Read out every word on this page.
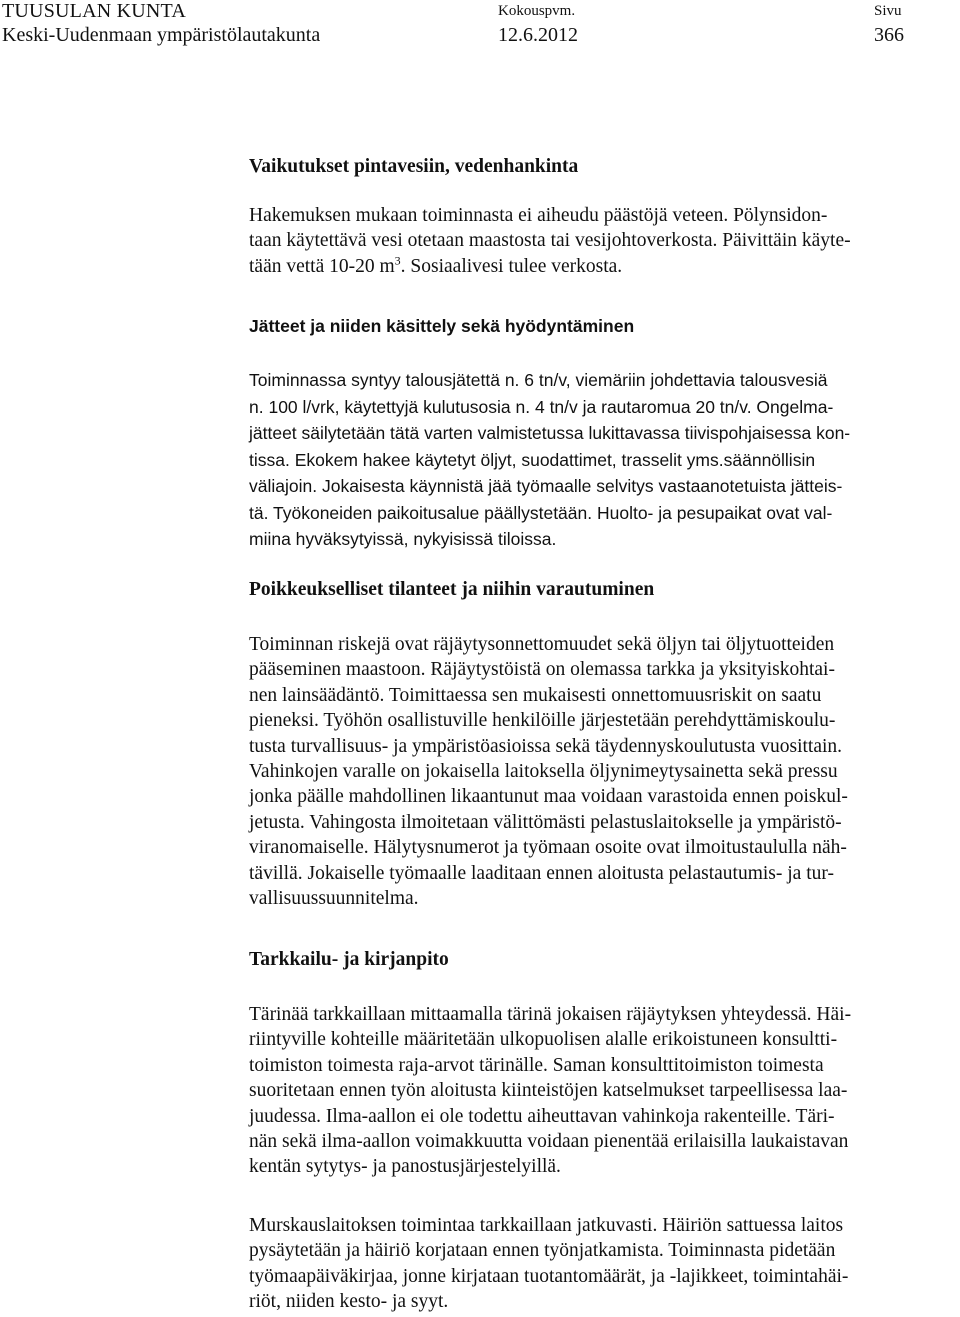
TUUSULAN KUNTA
Keski-Uudenmaan ympäristölautakunta
Kokouspvm.
12.6.2012
Sivu
366
Vaikutukset pintavesiin, vedenhankinta
Hakemuksen mukaan toiminnasta ei aiheudu päästöjä veteen. Pölynsidon-
taan käytettävä vesi otetaan maastosta tai vesijohtoverkosta. Päivittäin käyte-
tään vettä 10-20 $m^3$. Sosiaalivesi tulee verkosta.
Jätteet ja niiden käsittely sekä hyödyntäminen
Toiminnassa syntyy talousjätettä n. 6 tn/v, viemäriin johdettavia talousvesiä
n. 100 l/vrk, käytettyjä kulutusosia n. 4 tn/v ja rautaromua 20 tn/v. Ongelma-
jätteet säilytetään tätä varten valmistetussa lukittavassa tiivispohjaisessa kon-
tissa. Ekokem hakee käytetyt öljyt, suodattimet, trasselit yms.säännöllisin
väliajoin. Jokaisesta käynnistä jää työmaalle selvitys vastaanotetuista jätteis-
tä. Työkoneiden paikoitusalue päällystetään. Huolto- ja pesupaikat ovat val-
miina hyväksytyissä, nykyisissä tiloissa.
Poikkeukselliset tilanteet ja niihin varautuminen
Toiminnan riskejä ovat räjäytysonnettomuudet sekä öljyn tai öljytuotteiden
pääseminen maastoon. Räjäytystöistä on olemassa tarkka ja yksityiskohtai-
nen lainsäädäntö. Toimittaessa sen mukaisesti onnettomuusriskit on saatu
pieneksi. Työhön osallistuville henkilöille järjestetään perehdyttämiskoulu-
tusta turvallisuus- ja ympäristöasioissa sekä täydennyskoulutusta vuosittain.
Vahinkojen varalle on jokaisella laitoksella öljynimeytysainetta sekä pressu
jonka päälle mahdollinen likaantunut maa voidaan varastoida ennen poiskul-
jetusta. Vahingosta ilmoitetaan välittömästi pelastuslaitokselle ja ympäristö-
viranomaiselle. Hälytysnumerot ja työmaan osoite ovat ilmoitustaululla näh-
tävillä. Jokaiselle työmaalle laaditaan ennen aloitusta pelastautumis- ja tur-
vallisuussuunnitelma.
Tarkkailu- ja kirjanpito
Tärinää tarkkaillaan mittaamalla tärinä jokaisen räjäytyksen yhteydessä. Häi-
riintyville kohteille määritetään ulkopuolisen alalle erikoistuneen konsultti-
toimiston toimesta raja-arvot tärinälle. Saman konsulttitoimiston toimesta
suoritetaan ennen työn aloitusta kiinteistöjen katselmukset tarpeellisessa laa-
juudessa. Ilma-aallon ei ole todettu aiheuttavan vahinkoja rakenteille. Täri-
nän sekä ilma-aallon voimakkuutta voidaan pienentää erilaisilla laukaistavan
kentän sytytys- ja panostusjärjestelyillä.
Murskauslaitoksen toimintaa tarkkaillaan jatkuvasti. Häiriön sattuessa laitos
pysäytetään ja häiriö korjataan ennen työnjatkamista. Toiminnasta pidetään
työmaapäiväkirjaa, jonne kirjataan tuotantomäärät, ja -lajikkeet, toimintahäi-
riöt, niiden kesto- ja syyt.
